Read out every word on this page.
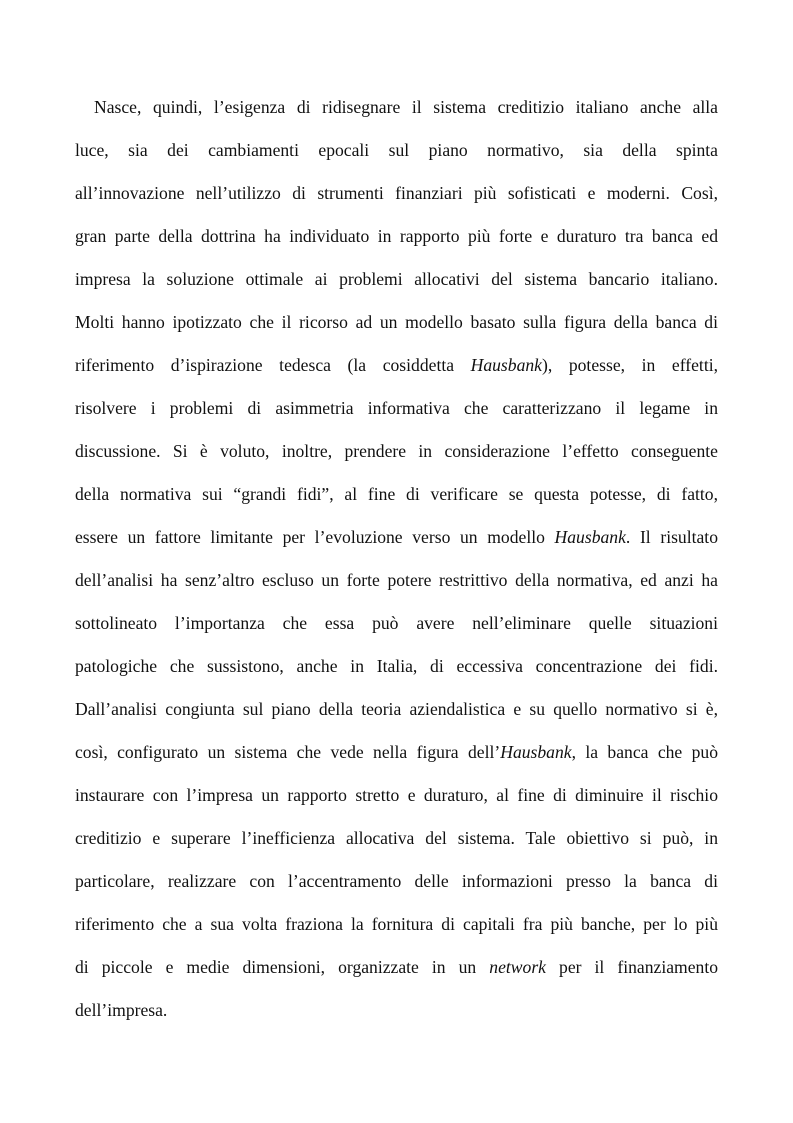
Nasce, quindi, l’esigenza di ridisegnare il sistema creditizio italiano anche alla
luce, sia dei cambiamenti epocali sul piano normativo, sia della spinta
all’innovazione nell’utilizzo di strumenti finanziari più sofisticati e moderni. Così,
gran parte della dottrina ha individuato in rapporto più forte e duraturo tra banca ed
impresa la soluzione ottimale ai problemi allocativi del sistema bancario italiano.
Molti hanno ipotizzato che il ricorso ad un modello basato sulla figura della banca di
riferimento d’ispirazione tedesca (la cosiddetta Hausbank), potesse, in effetti,
risolvere i problemi di asimmetria informativa che caratterizzano il legame in
discussione. Si è voluto, inoltre, prendere in considerazione l’effetto conseguente
della normativa sui “grandi fidi”, al fine di verificare se questa potesse, di fatto,
essere un fattore limitante per l’evoluzione verso un modello Hausbank. Il risultato
dell’analisi ha senz’altro escluso un forte potere restrittivo della normativa, ed anzi ha
sottolineato l’importanza che essa può avere nell’eliminare quelle situazioni
patologiche che sussistono, anche in Italia, di eccessiva concentrazione dei fidi.
Dall’analisi congiunta sul piano della teoria aziendalistica e su quello normativo si è,
così, configurato un sistema che vede nella figura dell’Hausbank, la banca che può
instaurare con l’impresa un rapporto stretto e duraturo, al fine di diminuire il rischio
creditizio e superare l’inefficienza allocativa del sistema. Tale obiettivo si può, in
particolare, realizzare con l’accentramento delle informazioni presso la banca di
riferimento che a sua volta fraziona la fornitura di capitali fra più banche, per lo più
di piccole e medie dimensioni, organizzate in un network per il finanziamento
dell’impresa.
